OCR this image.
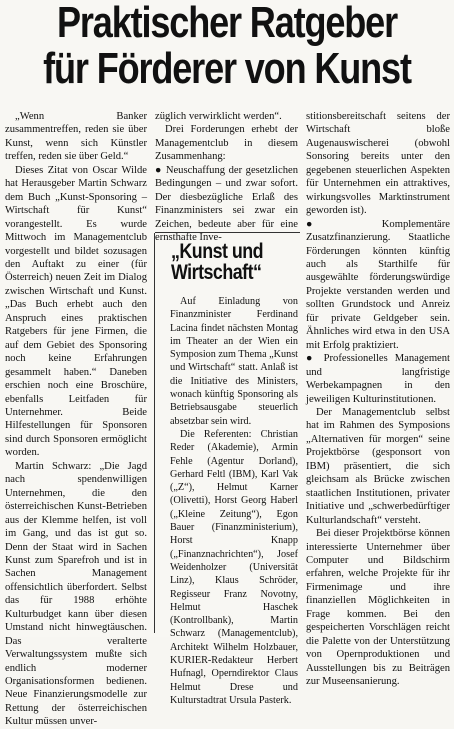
Praktischer Ratgeber
für Förderer von Kunst

„Wenn Banker zusammentreffen, reden sie über Kunst, wenn sich Künstler treffen, reden sie über Geld.“

Dieses Zitat von Oscar Wilde hat Herausgeber Martin Schwarz dem Buch „Kunst-Sponsoring – Wirtschaft für Kunst“ vorangestellt. Es wurde Mittwoch im Managementclub vorgestellt und bildet sozusagen den Auftakt zu einer (für Österreich) neuen Zeit im Dialog zwischen Wirtschaft und Kunst. „Das Buch erhebt auch den Anspruch eines praktischen Ratgebers für jene Firmen, die auf dem Gebiet des Sponsoring noch keine Erfahrungen gesammelt haben.“ Daneben erschien noch eine Broschüre, ebenfalls Leitfaden für Unternehmer. Beide Hilfestellungen für Sponsoren sind durch Sponsoren ermöglicht worden.

Martin Schwarz: „Die Jagd nach spendenwilligen Unternehmen, die den österreichischen Kunst-Betrieben aus der Klemme helfen, ist voll im Gang, und das ist gut so. Denn der Staat wird in Sachen Kunst zum Sparefroh und ist in Sachen Management offensichtlich überfordert. Selbst das für 1988 erhöhte Kulturbudget kann über diesen Umstand nicht hinwegtäuschen. Das veralterte Verwaltungssystem mußte sich endlich moderner Organisationsformen bedienen. Neue Finanzierungsmodelle zur Rettung der österreichischen Kultur müssen unver-

züglich verwirklicht werden“.

Drei Forderungen erhebt der Managementclub in diesem Zusammenhang:

● Neuschaffung der gesetzlichen Bedingungen – und zwar sofort. Der diesbezügliche Erlaß des Finanzministers sei zwar ein Zeichen, bedeute aber für eine ernsthafte Inve-

„Kunst und
Wirtschaft“

Auf Einladung von Finanzminister Ferdinand Lacina findet nächsten Montag im Theater an der Wien ein Symposion zum Thema „Kunst und Wirtschaft“ statt. Anlaß ist die Initiative des Ministers, wonach künftig Sponsoring als Betriebsausgabe steuerlich absetzbar sein wird.

Die Referenten: Christian Reder (Akademie), Armin Fehle (Agentur Dorland), Gerhard Feltl (IBM), Karl Vak („Z“), Helmut Karner (Olivetti), Horst Georg Haberl („Kleine Zeitung“), Egon Bauer (Finanzministerium), Horst Knapp („Finanznachrichten“), Josef Weidenholzer (Universität Linz), Klaus Schröder, Regisseur Franz Novotny, Helmut Haschek (Kontrollbank), Martin Schwarz (Managementclub), Architekt Wilhelm Holzbauer, KURIER-Redakteur Herbert Hufnagl, Operndirektor Claus Helmut Drese und Kulturstadtrat Ursula Pasterk.

stitionsbereitschaft seitens der Wirtschaft bloße Augenauswischerei (obwohl Sonsoring bereits unter den gegebenen steuerlichen Aspekten für Unternehmen ein attraktives, wirkungsvolles Marktinstrument geworden ist).

● Komplementäre Zusatzfinanzierung. Staatliche Förderungen könnten künftig auch als Starthilfe für ausgewählte förderungswürdige Projekte verstanden werden und sollten Grundstock und Anreiz für private Geldgeber sein. Ähnliches wird etwa in den USA mit Erfolg praktiziert.

● Professionelles Management und langfristige Werbekampagnen in den jeweiligen Kulturinstitutionen.

Der Managementclub selbst hat im Rahmen des Symposions „Alternativen für morgen“ seine Projektbörse (gesponsort von IBM) präsentiert, die sich gleichsam als Brücke zwischen staatlichen Institutionen, privater Initiative und „schwerbedürftiger Kulturlandschaft“ versteht.

Bei dieser Projektbörse können interessierte Unternehmer über Computer und Bildschirm erfahren, welche Projekte für ihr Firmenimage und ihre finanziellen Möglichkeiten in Frage kommen. Bei den gespeicherten Vorschlägen reicht die Palette von der Unterstützung von Opernproduktionen und Ausstellungen bis zu Beiträgen zur Museensanierung.
